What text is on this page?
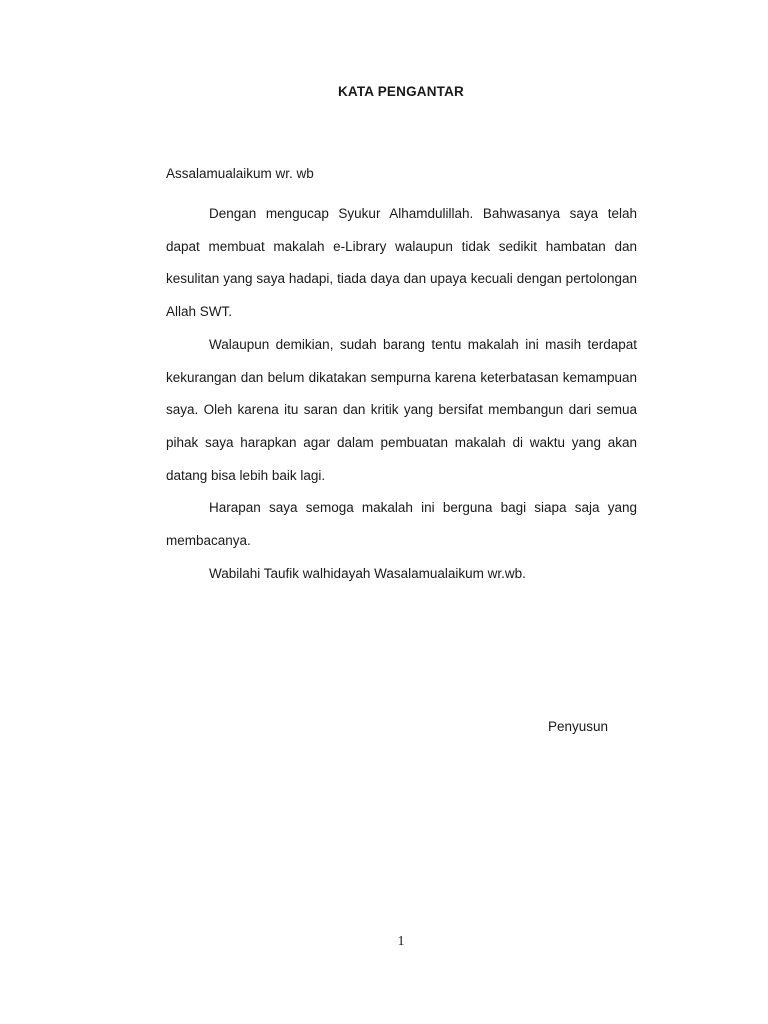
KATA PENGANTAR
Assalamualaikum wr. wb

Dengan mengucap Syukur Alhamdulillah. Bahwasanya saya telah dapat membuat makalah e-Library walaupun tidak sedikit hambatan dan kesulitan yang saya hadapi, tiada daya dan upaya kecuali dengan pertolongan Allah SWT.

Walaupun demikian, sudah barang tentu makalah ini masih terdapat kekurangan dan belum dikatakan sempurna karena keterbatasan kemampuan saya. Oleh karena itu saran dan kritik yang bersifat membangun dari semua pihak saya harapkan agar dalam pembuatan makalah di waktu yang akan datang bisa lebih baik lagi.

Harapan saya semoga makalah ini berguna bagi siapa saja yang membacanya.

Wabilahi Taufik walhidayah Wasalamualaikum wr.wb.

Penyusun
1
